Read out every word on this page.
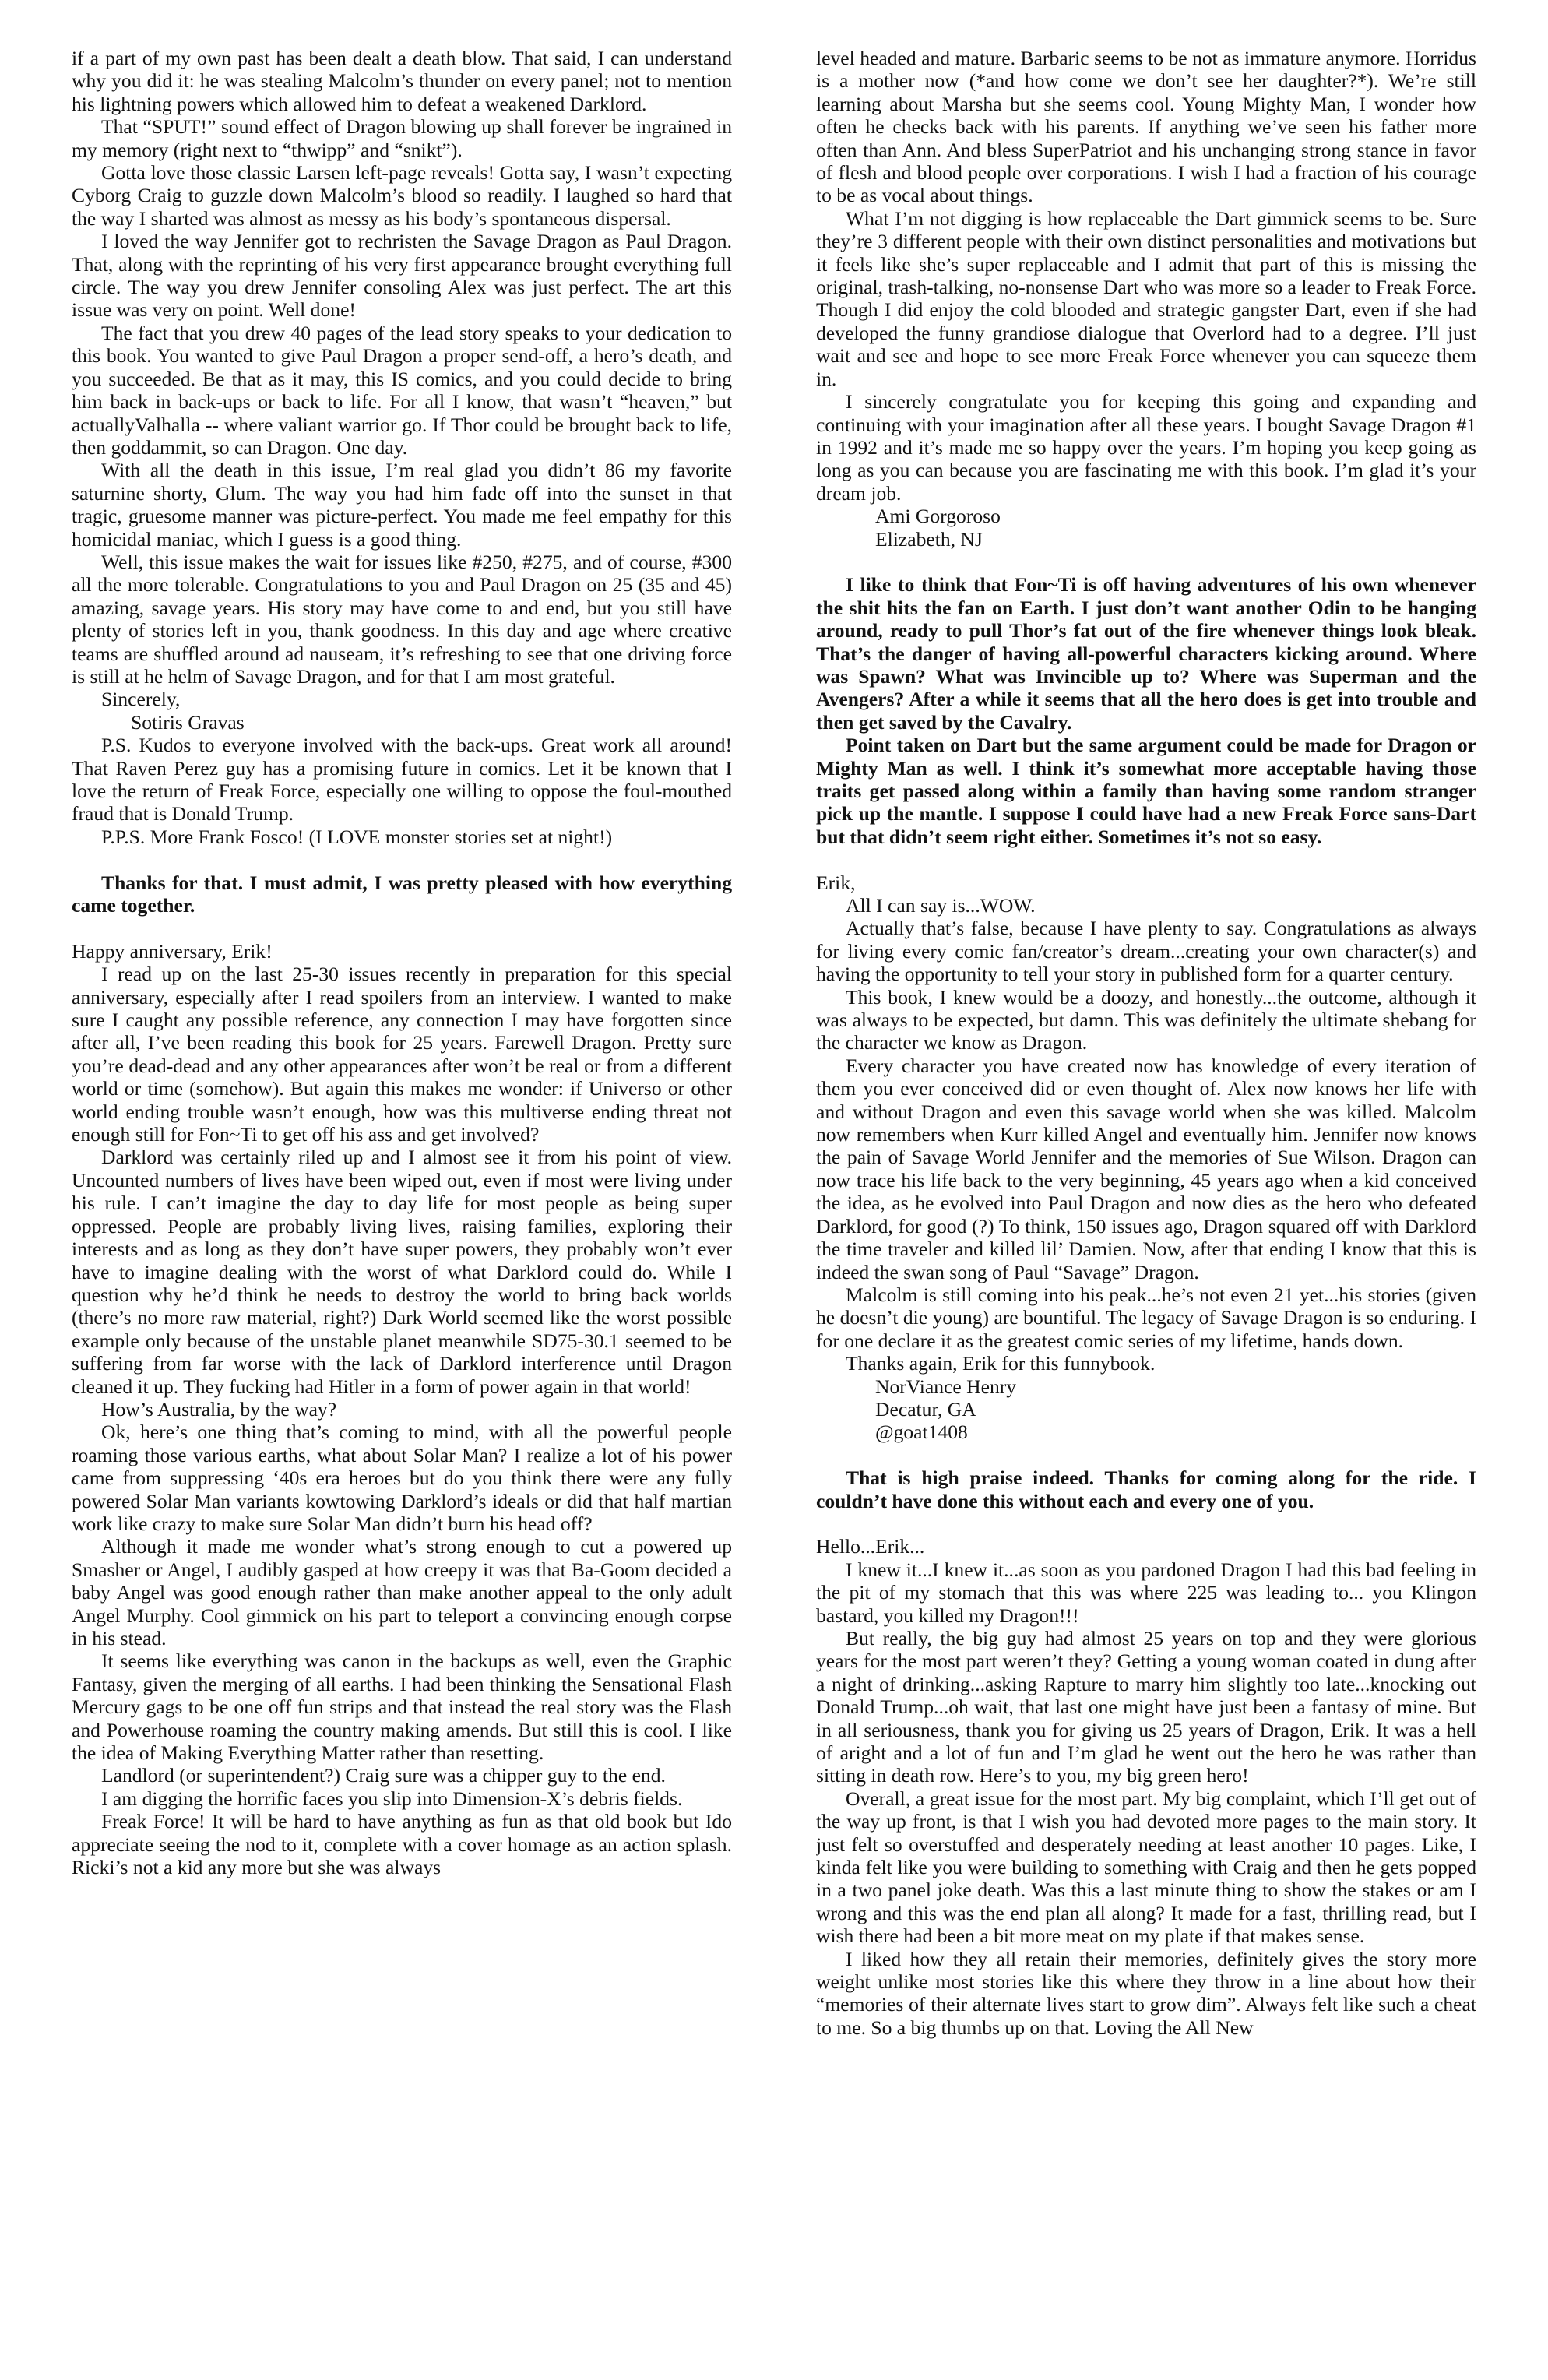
if a part of my own past has been dealt a death blow. That said, I can understand why you did it: he was stealing Malcolm’s thunder on every panel; not to mention his lightning powers which allowed him to defeat a weakened Darklord.

That “SPUT!” sound effect of Dragon blowing up shall forever be ingrained in my memory (right next to “thwipp” and “snikt”).

Gotta love those classic Larsen left-page reveals! Gotta say, I wasn’t expecting Cyborg Craig to guzzle down Malcolm’s blood so readily. I laughed so hard that the way I sharted was almost as messy as his body’s spontaneous dispersal.

I loved the way Jennifer got to rechristen the Savage Dragon as Paul Dragon. That, along with the reprinting of his very first appearance brought everything full circle. The way you drew Jennifer consoling Alex was just perfect. The art this issue was very on point. Well done!

The fact that you drew 40 pages of the lead story speaks to your dedication to this book. You wanted to give Paul Dragon a proper send-off, a hero’s death, and you succeeded. Be that as it may, this IS comics, and you could decide to bring him back in back-ups or back to life. For all I know, that wasn’t “heaven,” but actuallyValhalla -- where valiant warrior go. If Thor could be brought back to life, then goddammit, so can Dragon. One day.

With all the death in this issue, I’m real glad you didn’t 86 my favorite saturnine shorty, Glum. The way you had him fade off into the sunset in that tragic, gruesome manner was picture-perfect. You made me feel empathy for this homicidal maniac, which I guess is a good thing.

Well, this issue makes the wait for issues like #250, #275, and of course, #300 all the more tolerable. Congratulations to you and Paul Dragon on 25 (35 and 45) amazing, savage years. His story may have come to and end, but you still have plenty of stories left in you, thank goodness. In this day and age where creative teams are shuffled around ad nauseam, it’s refreshing to see that one driving force is still at he helm of Savage Dragon, and for that I am most grateful.

Sincerely,

Sotiris Gravas

P.S. Kudos to everyone involved with the back-ups. Great work all around! That Raven Perez guy has a promising future in comics. Let it be known that I love the return of Freak Force, especially one willing to oppose the foul-mouthed fraud that is Donald Trump.

P.P.S. More Frank Fosco! (I LOVE monster stories set at night!)

Thanks for that. I must admit, I was pretty pleased with how everything came together.

Happy anniversary, Erik!

I read up on the last 25-30 issues recently in preparation for this special anniversary, especially after I read spoilers from an interview. I wanted to make sure I caught any possible reference, any connection I may have forgotten since after all, I’ve been reading this book for 25 years. Farewell Dragon. Pretty sure you’re dead-dead and any other appearances after won’t be real or from a different world or time (somehow). But again this makes me wonder: if Universo or other world ending trouble wasn’t enough, how was this multiverse ending threat not enough still for Fon~Ti to get off his ass and get involved?

Darklord was certainly riled up and I almost see it from his point of view. Uncounted numbers of lives have been wiped out, even if most were living under his rule. I can’t imagine the day to day life for most people as being super oppressed. People are probably living lives, raising families, exploring their interests and as long as they don’t have super powers, they probably won’t ever have to imagine dealing with the worst of what Darklord could do. While I question why he’d think he needs to destroy the world to bring back worlds (there’s no more raw material, right?) Dark World seemed like the worst possible example only because of the unstable planet meanwhile SD75-30.1 seemed to be suffering from far worse with the lack of Darklord interference until Dragon cleaned it up. They fucking had Hitler in a form of power again in that world!

How’s Australia, by the way?

Ok, here’s one thing that’s coming to mind, with all the powerful people roaming those various earths, what about Solar Man? I realize a lot of his power came from suppressing ‘40s era heroes but do you think there were any fully powered Solar Man variants kowtowing Darklord’s ideals or did that half martian work like crazy to make sure Solar Man didn’t burn his head off?

Although it made me wonder what’s strong enough to cut a powered up Smasher or Angel, I audibly gasped at how creepy it was that Ba-Goom decided a baby Angel was good enough rather than make another appeal to the only adult Angel Murphy. Cool gimmick on his part to teleport a convincing enough corpse in his stead.

It seems like everything was canon in the backups as well, even the Graphic Fantasy, given the merging of all earths. I had been thinking the Sensational Flash Mercury gags to be one off fun strips and that instead the real story was the Flash and Powerhouse roaming the country making amends. But still this is cool. I like the idea of Making Everything Matter rather than resetting.

Landlord (or superintendent?) Craig sure was a chipper guy to the end.

I am digging the horrific faces you slip into Dimension-X’s debris fields.

Freak Force! It will be hard to have anything as fun as that old book but Ido appreciate seeing the nod to it, complete with a cover homage as an action splash. Ricki’s not a kid any more but she was always

level headed and mature. Barbaric seems to be not as immature anymore. Horridus is a mother now (*and how come we don’t see her daughter?*). We’re still learning about Marsha but she seems cool. Young Mighty Man, I wonder how often he checks back with his parents. If anything we’ve seen his father more often than Ann. And bless SuperPatriot and his unchanging strong stance in favor of flesh and blood people over corporations. I wish I had a fraction of his courage to be as vocal about things.

What I’m not digging is how replaceable the Dart gimmick seems to be. Sure they’re 3 different people with their own distinct personalities and motivations but it feels like she’s super replaceable and I admit that part of this is missing the original, trash-talking, no-nonsense Dart who was more so a leader to Freak Force. Though I did enjoy the cold blooded and strategic gangster Dart, even if she had developed the funny grandiose dialogue that Overlord had to a degree. I’ll just wait and see and hope to see more Freak Force whenever you can squeeze them in.

I sincerely congratulate you for keeping this going and expanding and continuing with your imagination after all these years. I bought Savage Dragon #1 in 1992 and it’s made me so happy over the years. I’m hoping you keep going as long as you can because you are fascinating me with this book. I’m glad it’s your dream job.

Ami Gorgoroso

Elizabeth, NJ

I like to think that Fon~Ti is off having adventures of his own whenever the shit hits the fan on Earth. I just don’t want another Odin to be hanging around, ready to pull Thor’s fat out of the fire whenever things look bleak. That’s the danger of having all-powerful characters kicking around. Where was Spawn? What was Invincible up to? Where was Superman and the Avengers? After a while it seems that all the hero does is get into trouble and then get saved by the Cavalry.

Point taken on Dart but the same argument could be made for Dragon or Mighty Man as well. I think it’s somewhat more acceptable having those traits get passed along within a family than having some random stranger pick up the mantle. I suppose I could have had a new Freak Force sans-Dart but that didn’t seem right either. Sometimes it’s not so easy.

Erik,

All I can say is...WOW.

Actually that’s false, because I have plenty to say. Congratulations as always for living every comic fan/creator’s dream...creating your own character(s) and having the opportunity to tell your story in published form for a quarter century.

This book, I knew would be a doozy, and honestly...the outcome, although it was always to be expected, but damn. This was definitely the ultimate shebang for the character we know as Dragon.

Every character you have created now has knowledge of every iteration of them you ever conceived did or even thought of. Alex now knows her life with and without Dragon and even this savage world when she was killed. Malcolm now remembers when Kurr killed Angel and eventually him. Jennifer now knows the pain of Savage World Jennifer and the memories of Sue Wilson. Dragon can now trace his life back to the very beginning, 45 years ago when a kid conceived the idea, as he evolved into Paul Dragon and now dies as the hero who defeated Darklord, for good (?) To think, 150 issues ago, Dragon squared off with Darklord the time traveler and killed lil’ Damien. Now, after that ending I know that this is indeed the swan song of Paul “Savage” Dragon.

Malcolm is still coming into his peak...he’s not even 21 yet...his stories (given he doesn’t die young) are bountiful. The legacy of Savage Dragon is so enduring. I for one declare it as the greatest comic series of my lifetime, hands down.

Thanks again, Erik for this funnybook.

NorViance Henry

Decatur, GA

@goat1408

That is high praise indeed. Thanks for coming along for the ride. I couldn’t have done this without each and every one of you.

Hello...Erik...

I knew it...I knew it...as soon as you pardoned Dragon I had this bad feeling in the pit of my stomach that this was where 225 was leading to... you Klingon bastard, you killed my Dragon!!!

But really, the big guy had almost 25 years on top and they were glorious years for the most part weren’t they? Getting a young woman coated in dung after a night of drinking...asking Rapture to marry him slightly too late...knocking out Donald Trump...oh wait, that last one might have just been a fantasy of mine. But in all seriousness, thank you for giving us 25 years of Dragon, Erik. It was a hell of aright and a lot of fun and I’m glad he went out the hero he was rather than sitting in death row. Here’s to you, my big green hero!

Overall, a great issue for the most part. My big complaint, which I’ll get out of the way up front, is that I wish you had devoted more pages to the main story. It just felt so overstuffed and desperately needing at least another 10 pages. Like, I kinda felt like you were building to something with Craig and then he gets popped in a two panel joke death. Was this a last minute thing to show the stakes or am I wrong and this was the end plan all along? It made for a fast, thrilling read, but I wish there had been a bit more meat on my plate if that makes sense.

I liked how they all retain their memories, definitely gives the story more weight unlike most stories like this where they throw in a line about how their “memories of their alternate lives start to grow dim”. Always felt like such a cheat to me. So a big thumbs up on that. Loving the All New
